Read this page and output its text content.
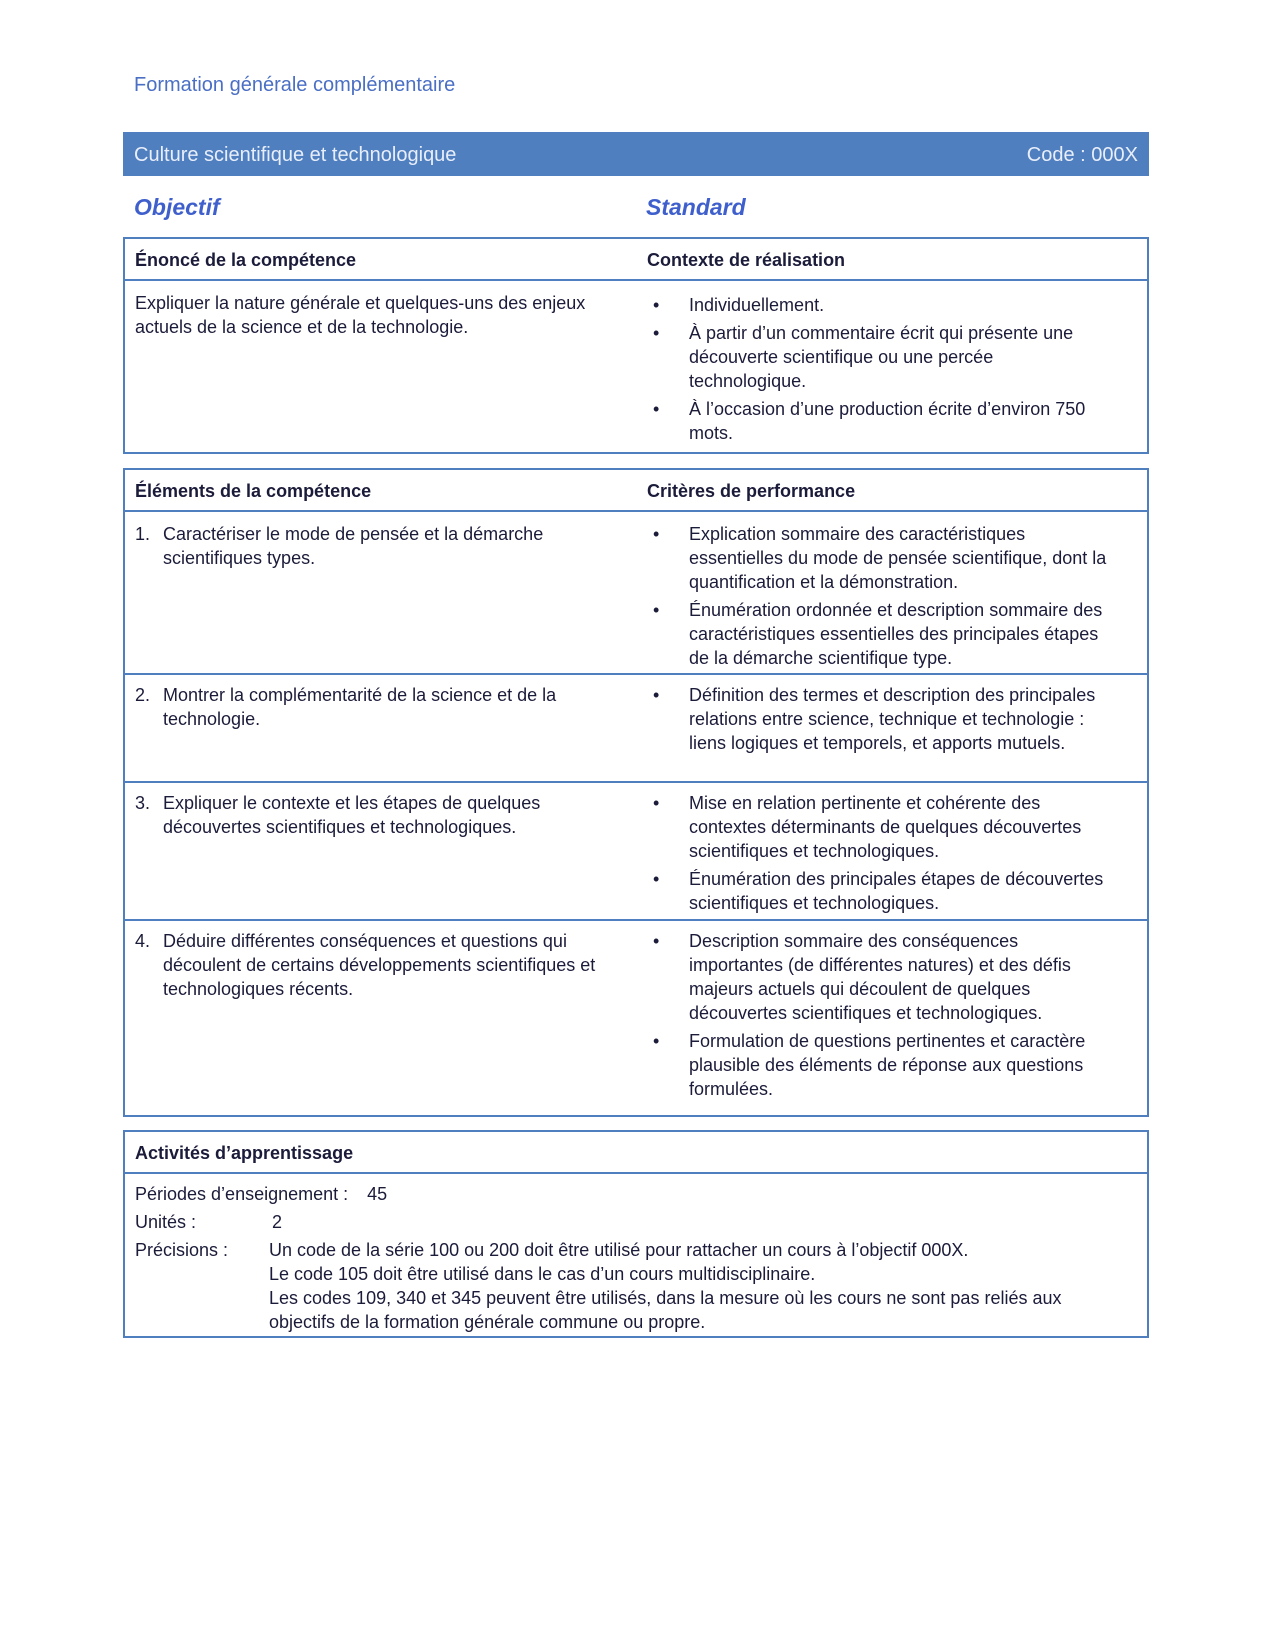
Formation générale complémentaire
Culture scientifique et technologique	Code : 000X
Objectif	Standard
Énoncé de la compétence	Contexte de réalisation
Expliquer la nature générale et quelques-uns des enjeux actuels de la science et de la technologie.
• Individuellement.
• À partir d’un commentaire écrit qui présente une découverte scientifique ou une percée technologique.
• À l’occasion d’une production écrite d’environ 750 mots.
Éléments de la compétence	Critères de performance
1. Caractériser le mode de pensée et la démarche scientifiques types.
• Explication sommaire des caractéristiques essentielles du mode de pensée scientifique, dont la quantification et la démonstration.
• Énumération ordonnée et description sommaire des caractéristiques essentielles des principales étapes de la démarche scientifique type.
2. Montrer la complémentarité de la science et de la technologie.
• Définition des termes et description des principales relations entre science, technique et technologie : liens logiques et temporels, et apports mutuels.
3. Expliquer le contexte et les étapes de quelques découvertes scientifiques et technologiques.
• Mise en relation pertinente et cohérente des contextes déterminants de quelques découvertes scientifiques et technologiques.
• Énumération des principales étapes de découvertes scientifiques et technologiques.
4. Déduire différentes conséquences et questions qui découlent de certains développements scientifiques et technologiques récents.
• Description sommaire des conséquences importantes (de différentes natures) et des défis majeurs actuels qui découlent de quelques découvertes scientifiques et technologiques.
• Formulation de questions pertinentes et caractère plausible des éléments de réponse aux questions formulées.
Activités d’apprentissage
Périodes d’enseignement : 45
Unités :	2
Précisions : Un code de la série 100 ou 200 doit être utilisé pour rattacher un cours à l’objectif 000X.
Le code 105 doit être utilisé dans le cas d’un cours multidisciplinaire.
Les codes 109, 340 et 345 peuvent être utilisés, dans la mesure où les cours ne sont pas reliés aux objectifs de la formation générale commune ou propre.
